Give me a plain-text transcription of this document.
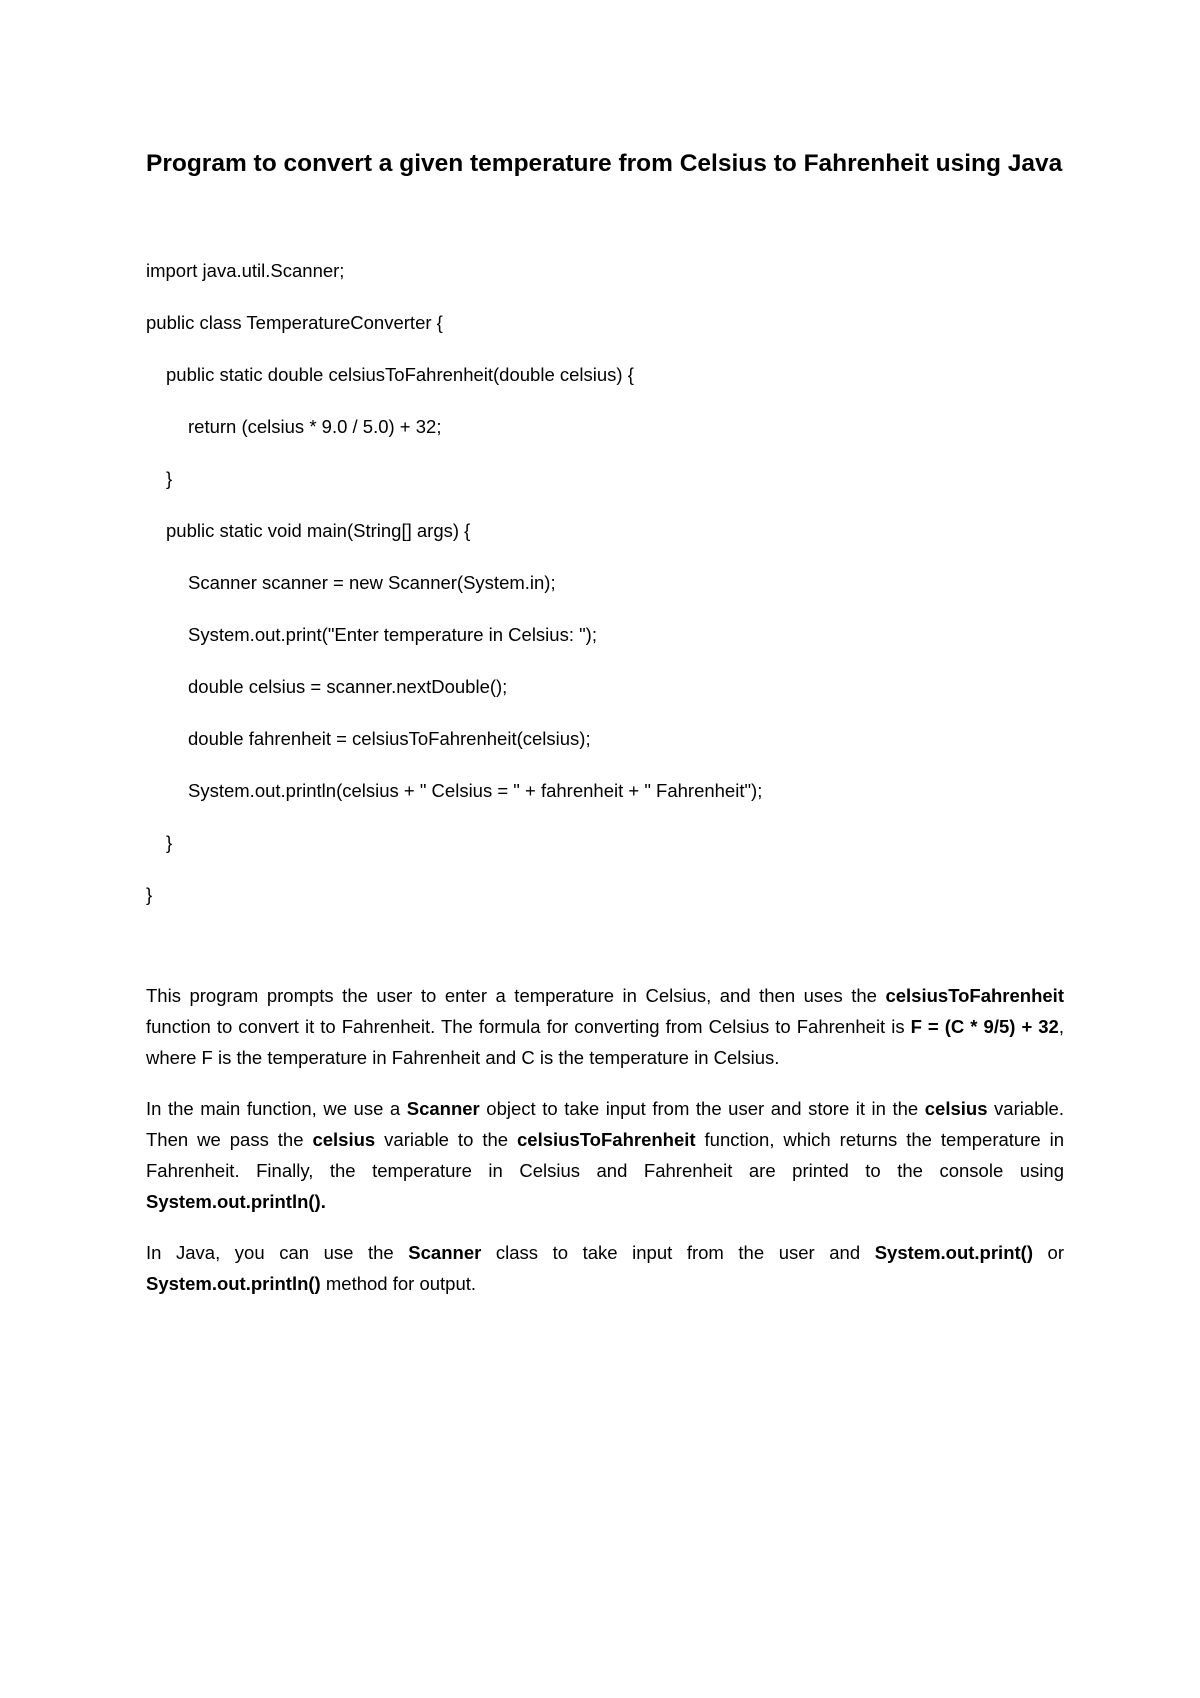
Program to convert a given temperature from Celsius to Fahrenheit using Java
import java.util.Scanner;
public class TemperatureConverter {
public static double celsiusToFahrenheit(double celsius) {
return (celsius * 9.0 / 5.0) + 32;
}
public static void main(String[] args) {
Scanner scanner = new Scanner(System.in);
System.out.print("Enter temperature in Celsius: ");
double celsius = scanner.nextDouble();
double fahrenheit = celsiusToFahrenheit(celsius);
System.out.println(celsius + " Celsius = " + fahrenheit + " Fahrenheit");
}
}

This program prompts the user to enter a temperature in Celsius, and then uses the celsiusToFahrenheit function to convert it to Fahrenheit. The formula for converting from Celsius to Fahrenheit is F = (C * 9/5) + 32, where F is the temperature in Fahrenheit and C is the temperature in Celsius.

In the main function, we use a Scanner object to take input from the user and store it in the celsius variable. Then we pass the celsius variable to the celsiusToFahrenheit function, which returns the temperature in Fahrenheit. Finally, the temperature in Celsius and Fahrenheit are printed to the console using System.out.println().

In Java, you can use the Scanner class to take input from the user and System.out.print() or System.out.println() method for output.
